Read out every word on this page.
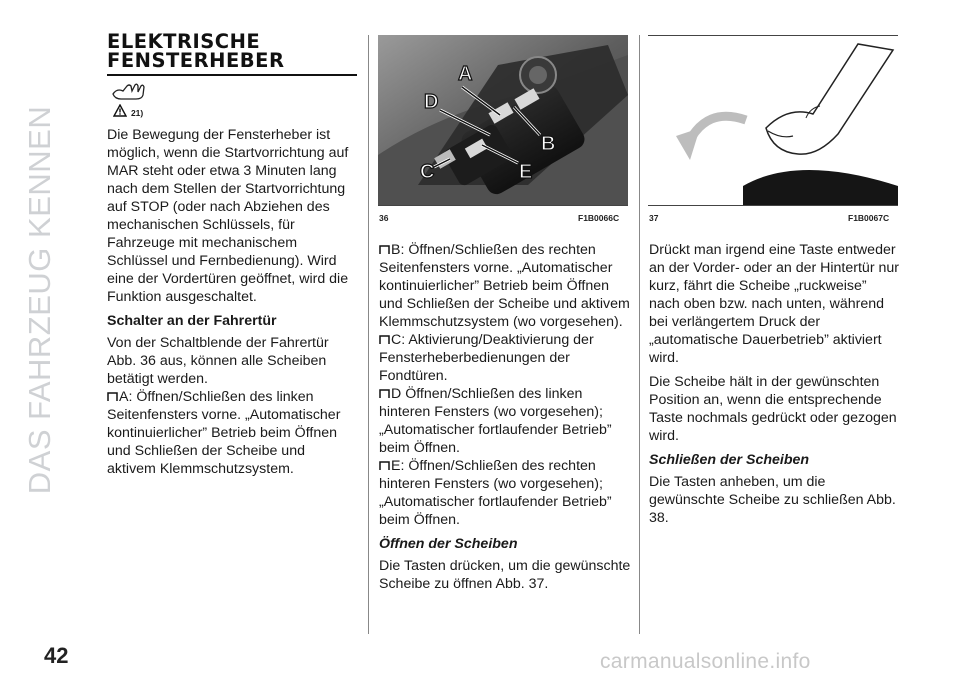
DAS FAHRZEUG KENNEN
42
ELEKTRISCHE
FENSTERHEBER
$^{21)}$

Die Bewegung der Fensterheber ist möglich, wenn die Startvorrichtung auf MAR steht oder etwa 3 Minuten lang nach dem Stellen der Startvorrichtung auf STOP (oder nach Abziehen des mechanischen Schlüssels, für Fahrzeuge mit mechanischem Schlüssel und Fernbedienung). Wird eine der Vordertüren geöffnet, wird die Funktion ausgeschaltet.

Schalter an der Fahrertür

Von der Schaltblende der Fahrertür Abb. 36 aus, können alle Scheiben betätigt werden.

A: Öffnen/Schließen des linken Seitenfensters vorne. „Automatischer kontinuierlicher” Betrieb beim Öffnen und Schließen der Scheibe und aktivem Klemmschutzsystem.
A
D
B
C	E
36	F1B0066C
B: Öffnen/Schließen des rechten Seitenfensters vorne. „Automatischer kontinuierlicher” Betrieb beim Öffnen und Schließen der Scheibe und aktivem Klemmschutzsystem (wo vorgesehen).
C: Aktivierung/Deaktivierung der Fensterheberbedienungen der Fondtüren.
D Öffnen/Schließen des linken hinteren Fensters (wo vorgesehen); „Automatischer fortlaufender Betrieb” beim Öffnen.
E: Öffnen/Schließen des rechten hinteren Fensters (wo vorgesehen); „Automatischer fortlaufender Betrieb” beim Öffnen.
Öffnen der Scheiben

Die Tasten drücken, um die gewünschte Scheibe zu öffnen Abb. 37.

37	F1B0067C

Drückt man irgend eine Taste entweder an der Vorder- oder an der Hintertür nur kurz, fährt die Scheibe „ruckweise” nach oben bzw. nach unten, während bei verlängertem Druck der „automatische Dauerbetrieb” aktiviert wird.

Die Scheibe hält in der gewünschten Position an, wenn die entsprechende Taste nochmals gedrückt oder gezogen wird.

Schließen der Scheiben

Die Tasten anheben, um die gewünschte Scheibe zu schließen Abb. 38.

carmanualsonline.info
